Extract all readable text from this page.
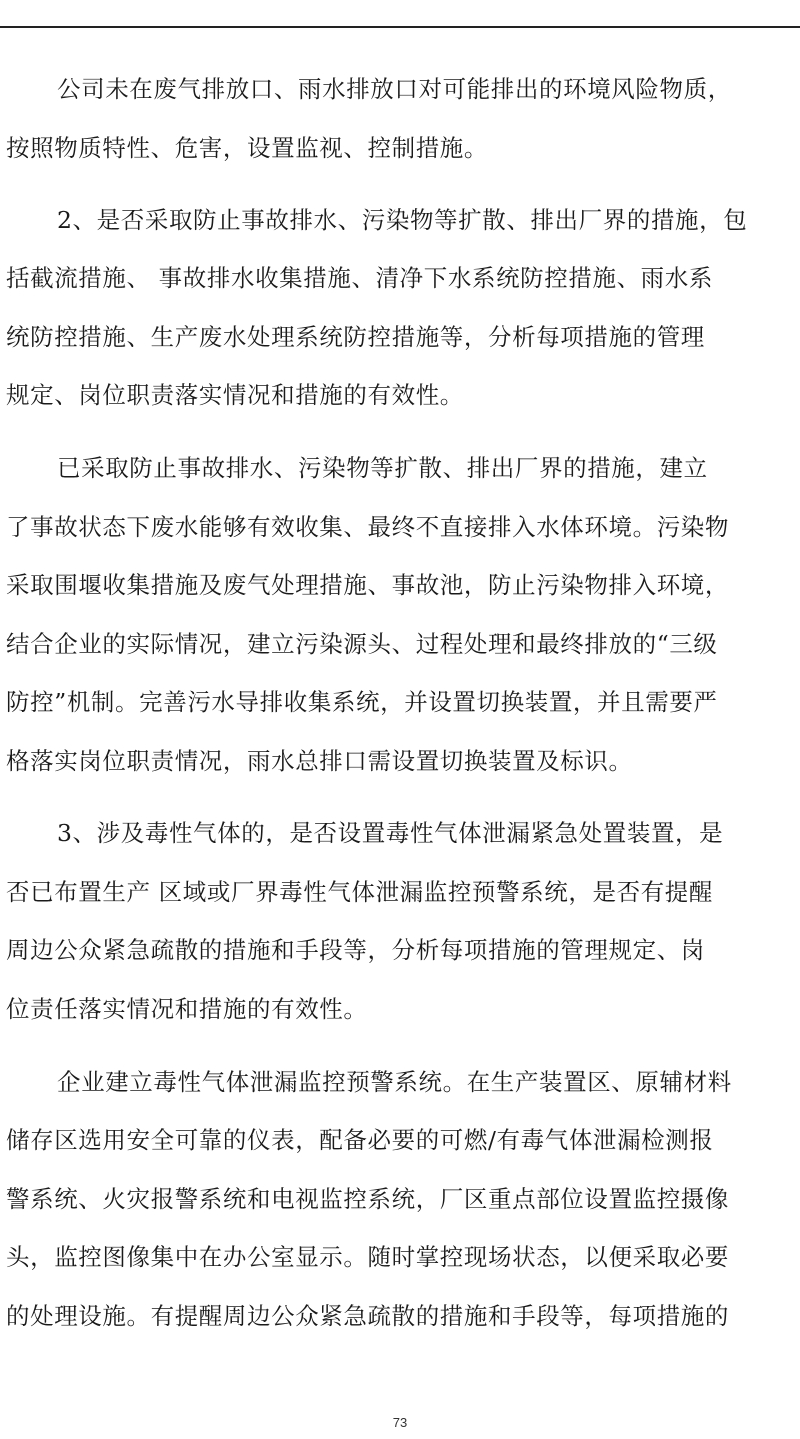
公司未在废气排放口、雨水排放口对可能排出的环境风险物质，
按照物质特性、危害，设置监视、控制措施。
2、是否采取防止事故排水、污染物等扩散、排出厂界的措施，包
括截流措施、 事故排水收集措施、清净下水系统防控措施、雨水系
统防控措施、生产废水处理系统防控措施等，分析每项措施的管理
规定、岗位职责落实情况和措施的有效性。
已采取防止事故排水、污染物等扩散、排出厂界的措施，建立
了事故状态下废水能够有效收集、最终不直接排入水体环境。污染物
采取围堰收集措施及废气处理措施、事故池，防止污染物排入环境，
结合企业的实际情况，建立污染源头、过程处理和最终排放的“三级
防控”机制。完善污水导排收集系统，并设置切换装置，并且需要严
格落实岗位职责情况，雨水总排口需设置切换装置及标识。
3、涉及毒性气体的，是否设置毒性气体泄漏紧急处置装置，是
否已布置生产 区域或厂界毒性气体泄漏监控预警系统，是否有提醒
周边公众紧急疏散的措施和手段等，分析每项措施的管理规定、岗
位责任落实情况和措施的有效性。
企业建立毒性气体泄漏监控预警系统。在生产装置区、原辅材料
储存区选用安全可靠的仪表，配备必要的可燃/有毒气体泄漏检测报
警系统、火灾报警系统和电视监控系统，厂区重点部位设置监控摄像
头，监控图像集中在办公室显示。随时掌控现场状态，以便采取必要
的处理设施。有提醒周边公众紧急疏散的措施和手段等，每项措施的
73
